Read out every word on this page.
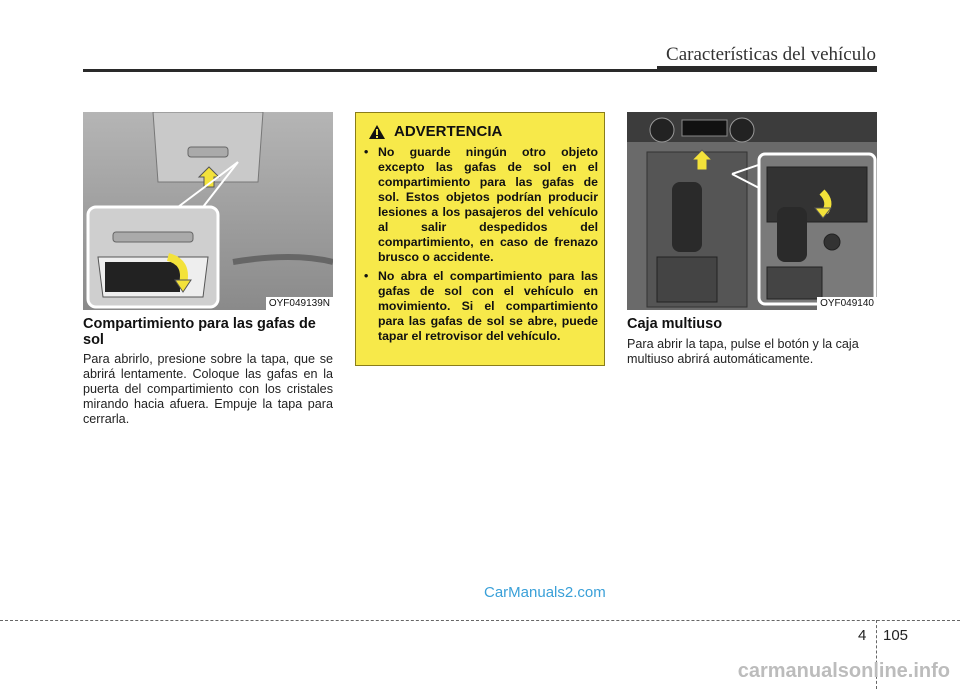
Características del vehículo
OYF049139N
Compartimiento para las gafas de sol
Para abrirlo, presione sobre la tapa, que se abrirá lentamente. Coloque las gafas en la puerta del compartimiento con los cristales mirando hacia afuera. Empuje la tapa para cerrarla.
ADVERTENCIA
• No guarde ningún otro objeto excepto las gafas de sol en el compartimiento para las gafas de sol. Estos objetos podrían producir lesiones a los pasajeros del vehículo al salir despedidos del compartimiento, en caso de frenazo brusco o accidente.
• No abra el compartimiento para las gafas de sol con el vehículo en movimiento. Si el compartimiento para las gafas de sol se abre, puede tapar el retrovisor del vehículo.
OYF049140
Caja multiuso
Para abrir la tapa, pulse el botón y la caja multiuso abrirá automáticamente.
CarManuals2.com
4 105
carmanualsonline.info
